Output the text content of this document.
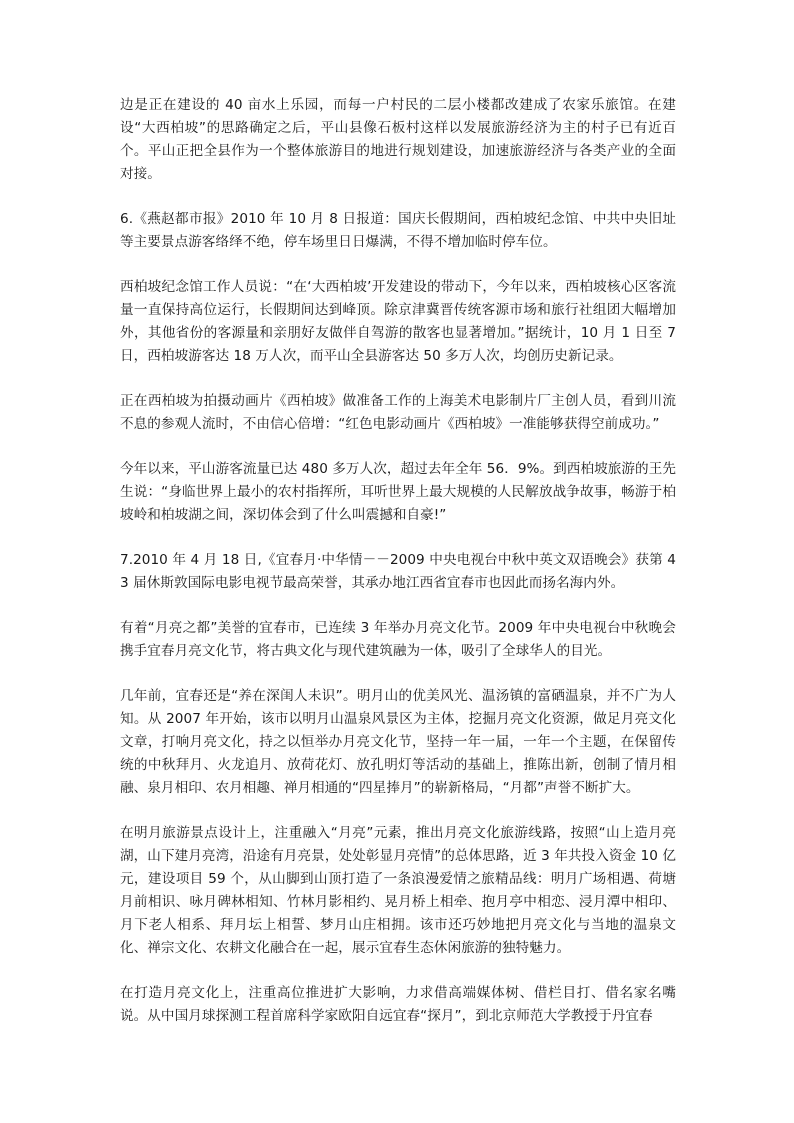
边是正在建设的 40 亩水上乐园，而每一户村民的二层小楼都改建成了农家乐旅馆。在建设“大西柏坡”的思路确定之后，平山县像石板村这样以发展旅游经济为主的村子已有近百个。平山正把全县作为一个整体旅游目的地进行规划建设，加速旅游经济与各类产业的全面对接。

6.《燕赵都市报》2010 年 10 月 8 日报道：国庆长假期间，西柏坡纪念馆、中共中央旧址等主要景点游客络绎不绝，停车场里日日爆满，不得不增加临时停车位。

西柏坡纪念馆工作人员说：“在‘大西柏坡’开发建设的带动下，今年以来，西柏坡核心区客流量一直保持高位运行，长假期间达到峰顶。除京津冀晋传统客源市场和旅行社组团大幅增加外，其他省份的客源量和亲朋好友做伴自驾游的散客也显著增加。”据统计，10 月 1 日至 7 日，西柏坡游客达 18 万人次，而平山全县游客达 50 多万人次，均创历史新记录。

正在西柏坡为拍摄动画片《西柏坡》做准备工作的上海美术电影制片厂主创人员，看到川流不息的参观人流时，不由信心倍增：“红色电影动画片《西柏坡》一准能够获得空前成功。”

今年以来，平山游客流量已达 480 多万人次，超过去年全年 56．9%。到西柏坡旅游的王先生说：“身临世界上最小的农村指挥所，耳听世界上最大规模的人民解放战争故事，畅游于柏坡岭和柏坡湖之间，深切体会到了什么叫震撼和自豪!”

7.2010 年 4 月 18 日,《宜春月·中华情－－2009 中央电视台中秋中英文双语晚会》获第 43 届休斯敦国际电影电视节最高荣誉，其承办地江西省宜春市也因此而扬名海内外。

有着“月亮之都”美誉的宜春市，已连续 3 年举办月亮文化节。2009 年中央电视台中秋晚会携手宜春月亮文化节，将古典文化与现代建筑融为一体，吸引了全球华人的目光。

几年前，宜春还是“养在深闺人未识”。明月山的优美风光、温汤镇的富硒温泉，并不广为人知。从 2007 年开始，该市以明月山温泉风景区为主体，挖掘月亮文化资源，做足月亮文化文章，打响月亮文化，持之以恒举办月亮文化节，坚持一年一届，一年一个主题，在保留传统的中秋拜月、火龙追月、放荷花灯、放孔明灯等活动的基础上，推陈出新，创制了情月相融、泉月相印、农月相趣、禅月相通的“四星捧月”的崭新格局，“月都”声誉不断扩大。

在明月旅游景点设计上，注重融入“月亮”元素，推出月亮文化旅游线路，按照“山上造月亮湖，山下建月亮湾，沿途有月亮景，处处彰显月亮情”的总体思路，近 3 年共投入资金 10 亿元，建设项目 59 个，从山脚到山顶打造了一条浪漫爱情之旅精品线：明月广场相遇、荷塘月前相识、咏月碑林相知、竹林月影相约、晃月桥上相牵、抱月亭中相恋、浸月潭中相印、月下老人相系、拜月坛上相誓、梦月山庄相拥。该市还巧妙地把月亮文化与当地的温泉文化、禅宗文化、农耕文化融合在一起，展示宜春生态休闲旅游的独特魅力。

在打造月亮文化上，注重高位推进扩大影响，力求借高端媒体树、借栏目打、借名家名嘴说。从中国月球探测工程首席科学家欧阳自远宜春“探月”，到北京师范大学教授于丹宜春
